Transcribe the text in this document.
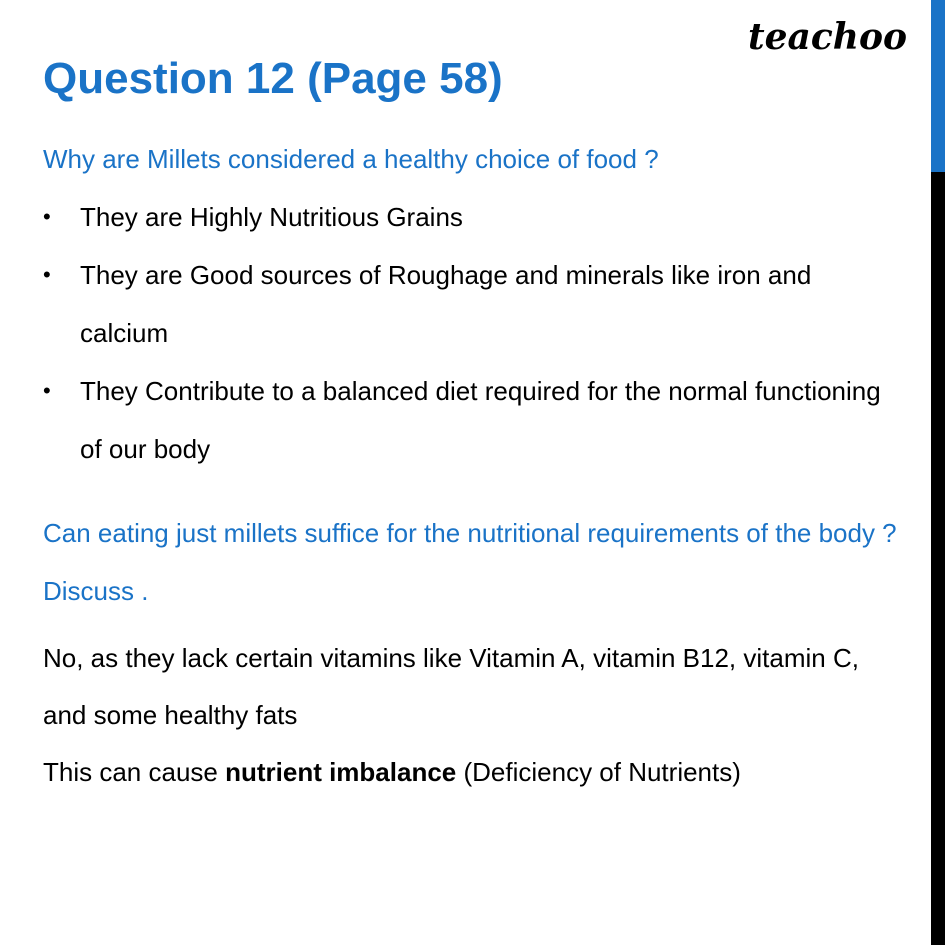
teachoo
Question 12 (Page 58)
Why are Millets considered a healthy choice of food ?
• They are Highly Nutritious Grains
• They are Good sources of Roughage and minerals like iron and calcium
• They Contribute to a balanced diet required for the normal functioning of our body
Can eating just millets suffice for the nutritional requirements of the body ? Discuss .

No, as they lack certain vitamins like Vitamin A, vitamin B12, vitamin C, and some healthy fats

This can cause nutrient imbalance (Deficiency of Nutrients)
